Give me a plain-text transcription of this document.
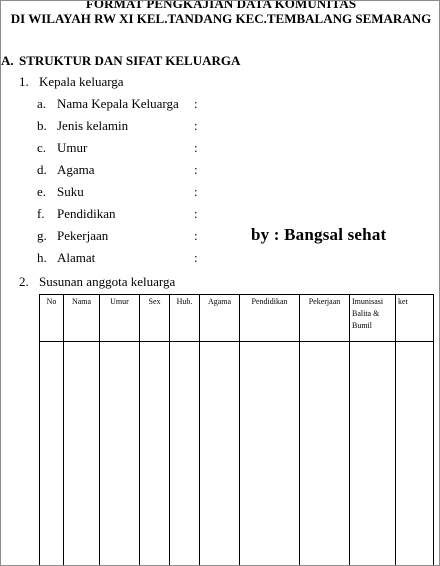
FORMAT PENGKAJIAN DATA KOMUNITAS
DI WILAYAH RW XI KEL.TANDANG KEC.TEMBALANG SEMARANG
A. STRUKTUR DAN SIFAT KELUARGA
1. Kepala keluarga
a. Nama Kepala Keluarga :
b. Jenis kelamin	:
c. Umur	:
d. Agama	:
e. Suku	:
f. Pendidikan	:
g. Pekerjaan	:
h. Alamat	:
by : Bangsal sehat
2. Susunan anggota keluarga
No	Nama	Umur	Sex	Hub.	Agama	Pendidikan	Pekerjaan	Imunisasi Balita & Bumil	ket
